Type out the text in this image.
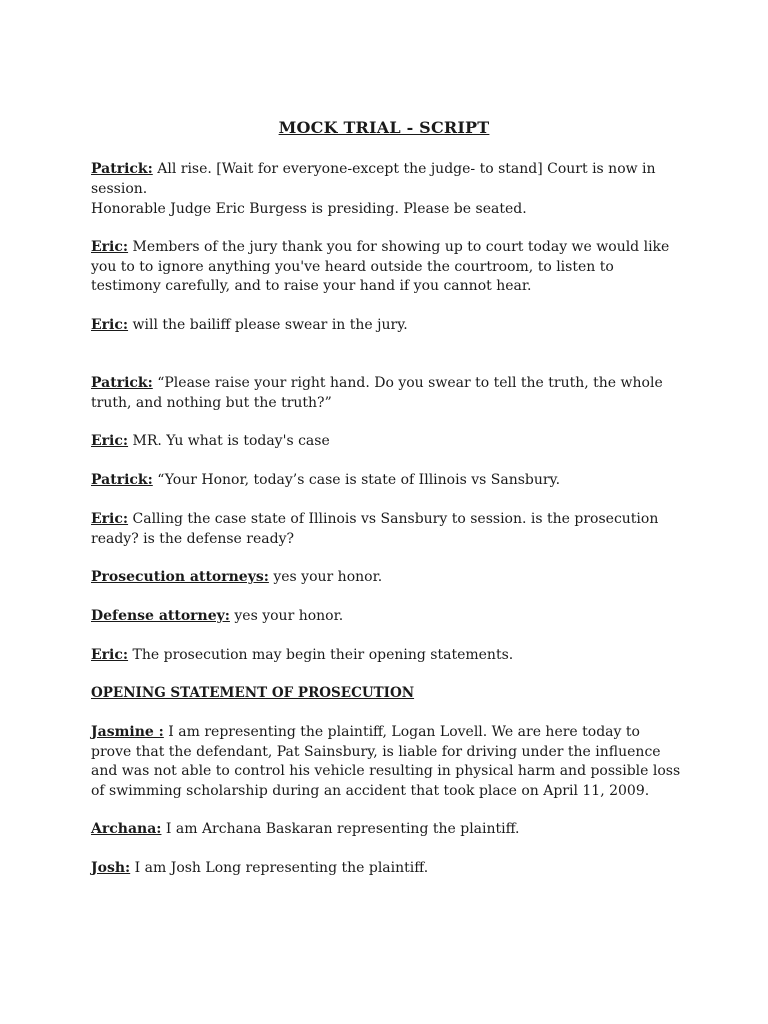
MOCK TRIAL - SCRIPT
Patrick: All rise. [Wait for everyone-except the judge- to stand] Court is now in session.
Honorable Judge Eric Burgess is presiding. Please be seated.
Eric: Members of the jury thank you for showing up to court today we would like you to to ignore anything you've heard outside the courtroom, to listen to testimony carefully, and to raise your hand if you cannot hear.
Eric: will the bailiff please swear in the jury.
Patrick: “Please raise your right hand. Do you swear to tell the truth, the whole truth, and nothing but the truth?”
Eric: MR. Yu what is today's case
Patrick: “Your Honor, today’s case is state of Illinois vs Sansbury.
Eric: Calling the case state of Illinois vs Sansbury to session. is the prosecution ready? is the defense ready?
Prosecution attorneys: yes your honor.
Defense attorney: yes your honor.
Eric: The prosecution may begin their opening statements.
OPENING STATEMENT OF PROSECUTION
Jasmine : I am representing the plaintiff, Logan Lovell. We are here today to prove that the defendant, Pat Sainsbury, is liable for driving under the influence and was not able to control his vehicle resulting in physical harm and possible loss of swimming scholarship during an accident that took place on April 11, 2009.
Archana: I am Archana Baskaran representing the plaintiff.
Josh: I am Josh Long representing the plaintiff.
